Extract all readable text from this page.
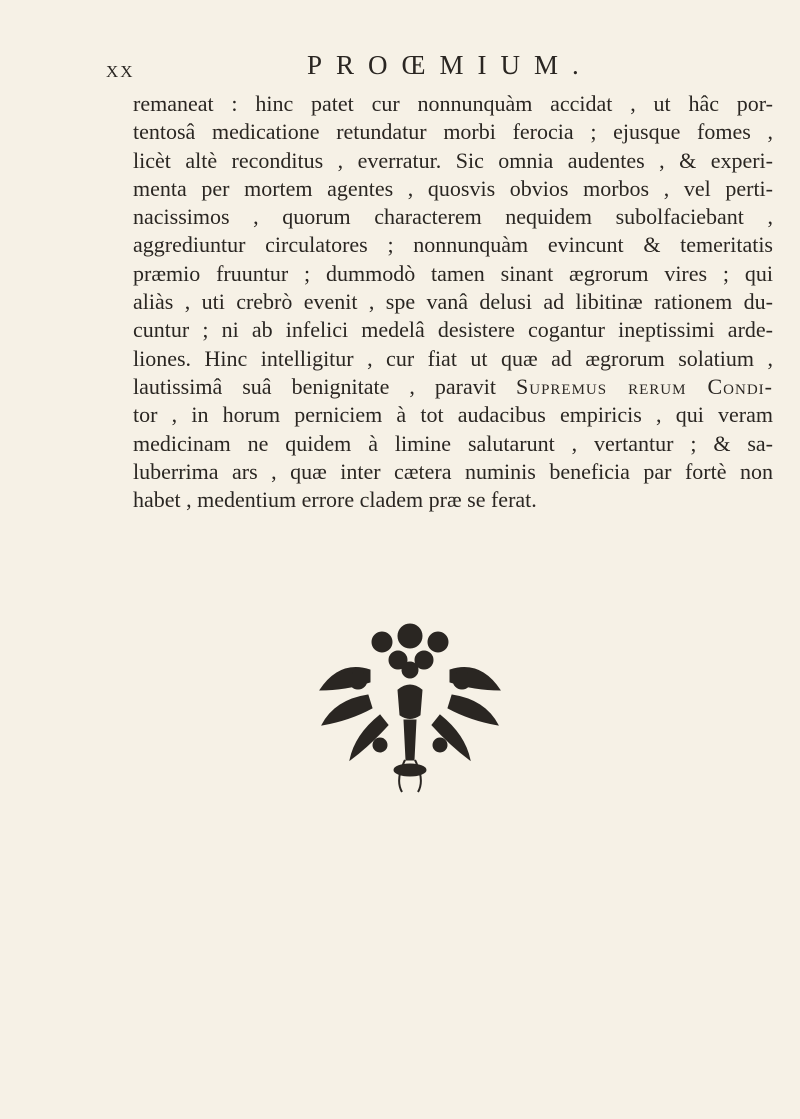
XX	PROŒMIUM.
remaneat : hinc patet cur nonnunquàm accidat , ut hâc por-
tentosâ medicatione retundatur morbi ferocia ; ejusque fomes ,
licèt altè reconditus , everratur. Sic omnia audentes , & experi-
menta per mortem agentes , quosvis obvios morbos , vel perti-
nacissimos , quorum characterem nequidem subolfaciebant ,
aggrediuntur circulatores ; nonnunquàm evincunt & temeritatis
præmio fruuntur ; dummodò tamen sinant ægrorum vires ; qui
aliàs , uti crebrò evenit , spe vanâ delusi ad libitinæ rationem du-
cuntur ; ni ab infelici medelâ desistere cogantur ineptissimi arde-
liones. Hinc intelligitur , cur fiat ut quæ ad ægrorum solatium ,
lautissimâ suâ benignitate , paravit Supremus rerum Condi-
tor , in horum perniciem à tot audacibus empiricis , qui veram
medicinam ne quidem à limine salutarunt , vertantur ; & sa-
luberrima ars , quæ inter cætera numinis beneficia par fortè non
habet , medentium errore cladem præ se ferat.
